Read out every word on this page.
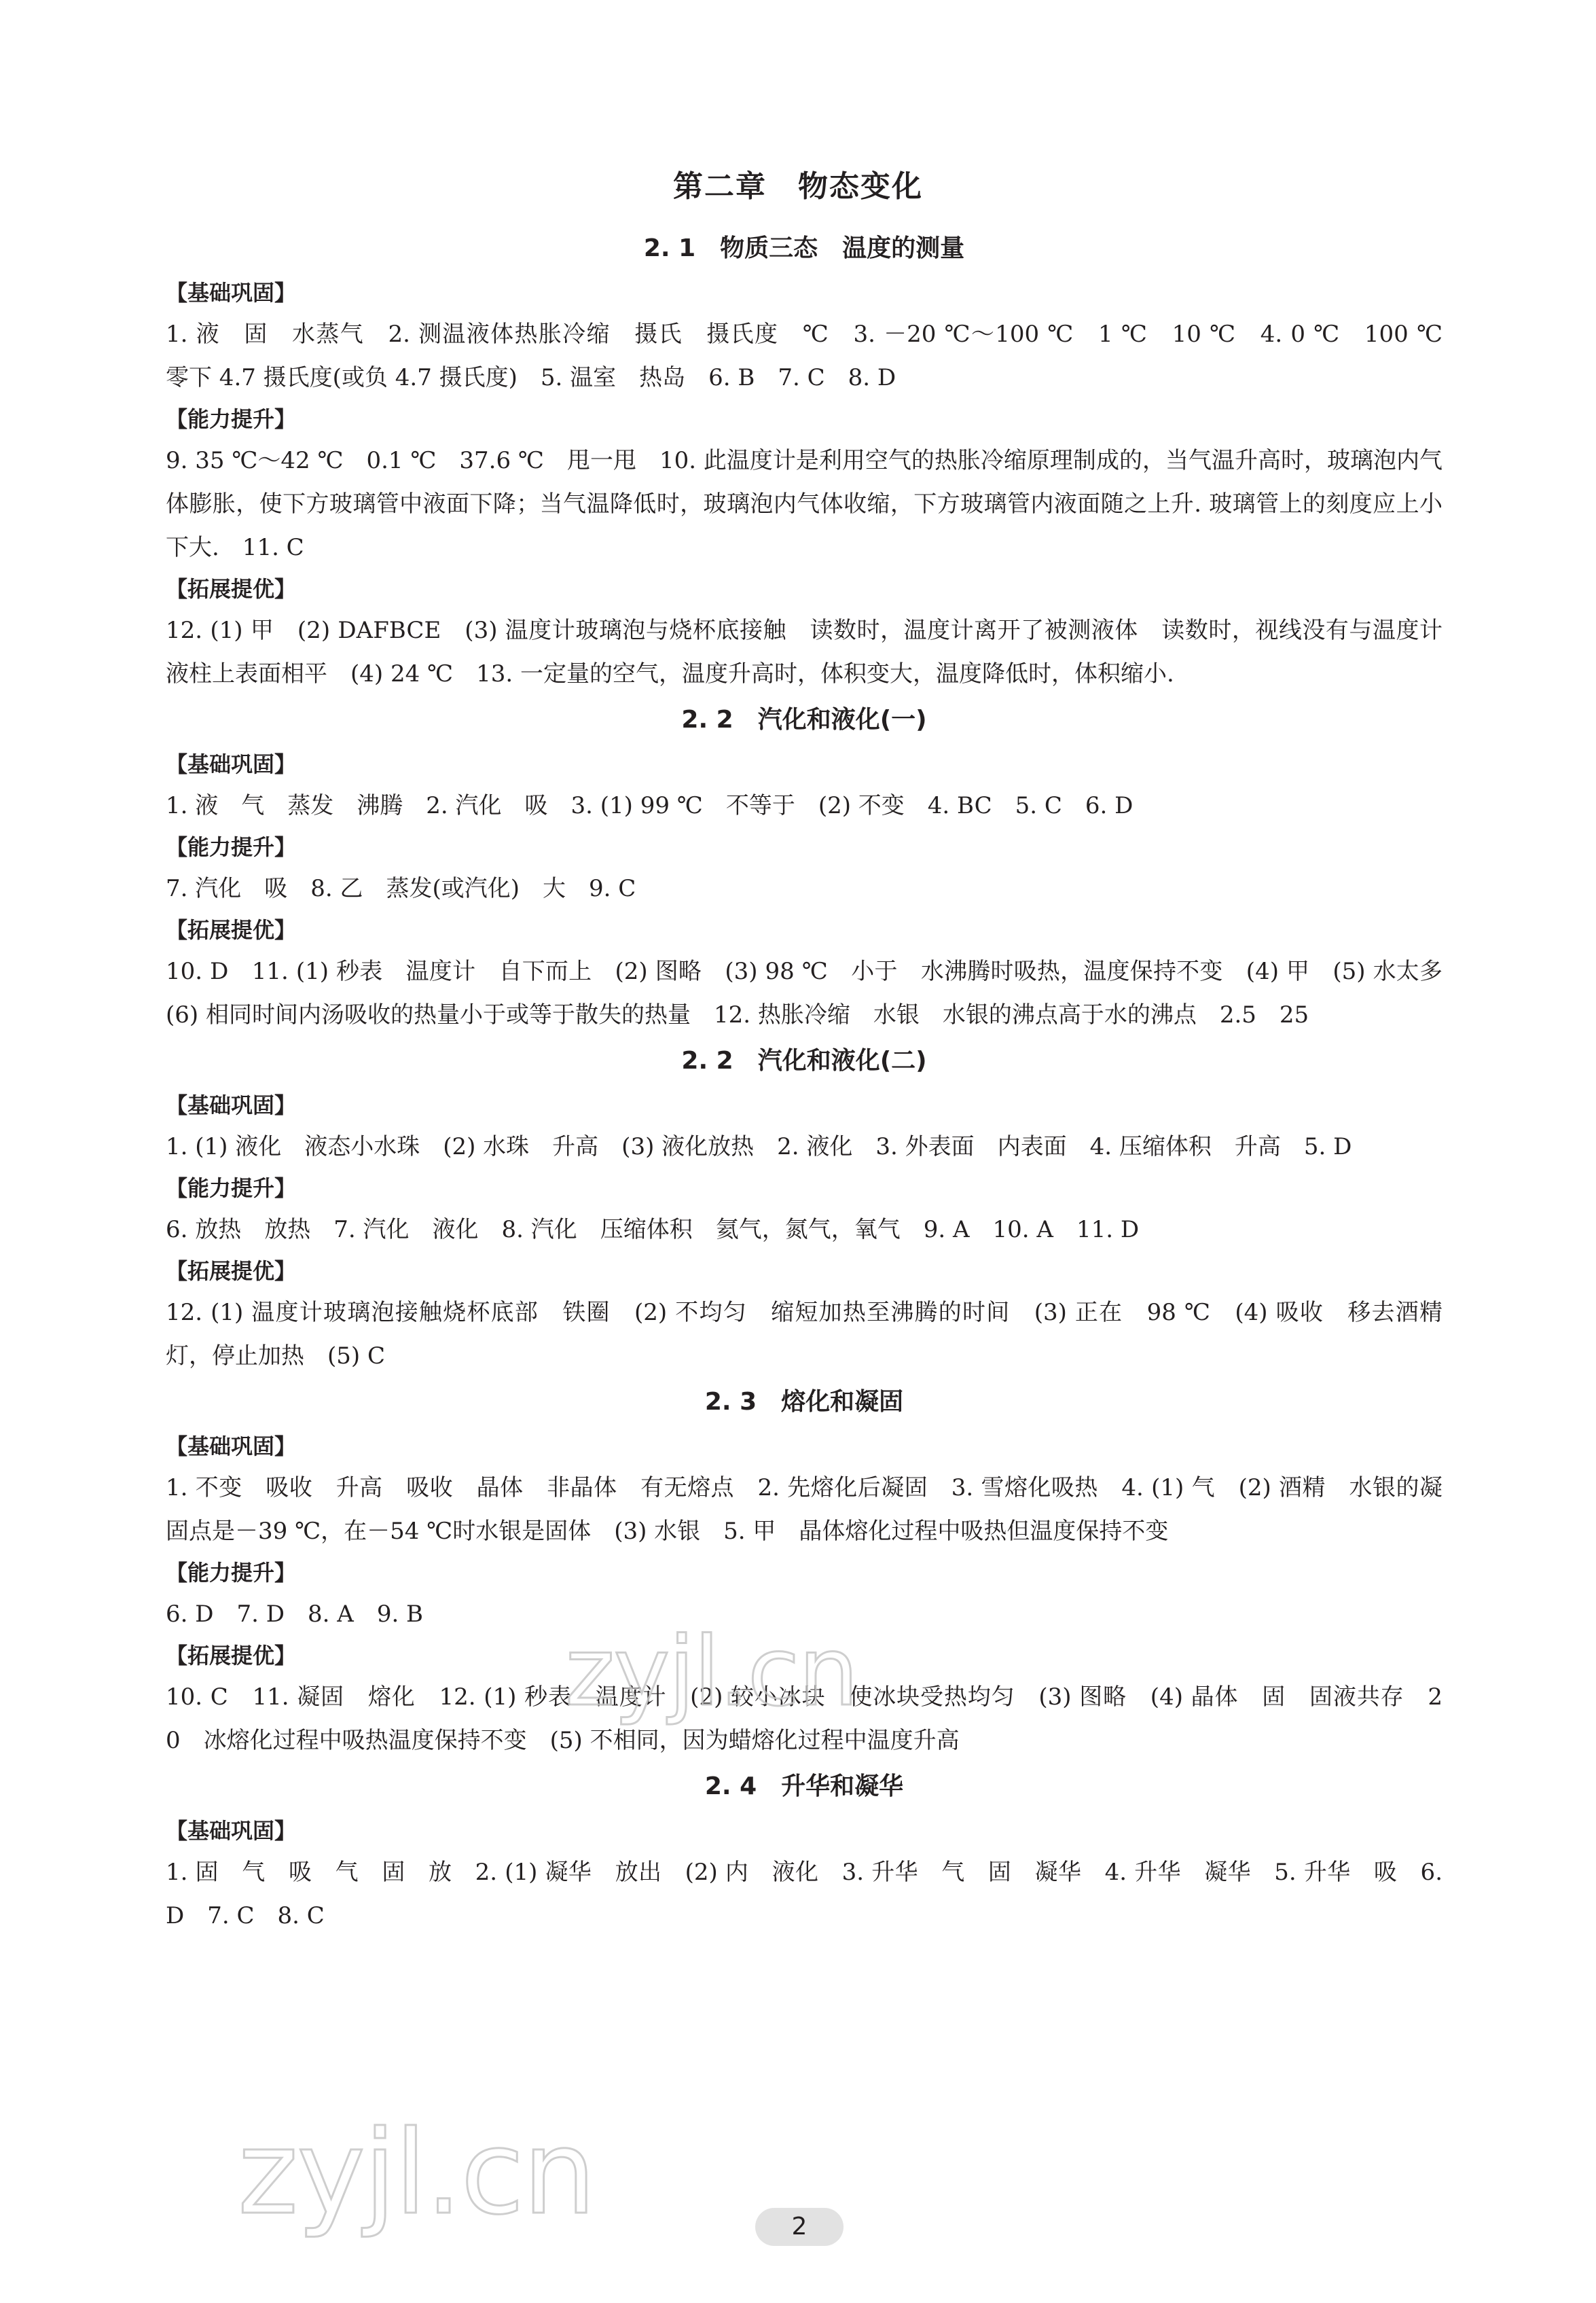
第二章　物态变化
2. 1　物质三态　温度的测量
【基础巩固】
1. 液　固　水蒸气　2. 测温液体热胀冷缩　摄氏　摄氏度　℃　3. －20 ℃～100 ℃　1 ℃　10 ℃　4. 0 ℃　100 ℃　零下 4.7 摄氏度(或负 4.7 摄氏度)　5. 温室　热岛　6. B　7. C　8. D
【能力提升】
9. 35 ℃～42 ℃　0.1 ℃　37.6 ℃　甩一甩　10. 此温度计是利用空气的热胀冷缩原理制成的，当气温升高时，玻璃泡内气体膨胀，使下方玻璃管中液面下降；当气温降低时，玻璃泡内气体收缩，下方玻璃管内液面随之上升. 玻璃管上的刻度应上小下大.　11. C
【拓展提优】
12. (1) 甲　(2) DAFBCE　(3) 温度计玻璃泡与烧杯底接触　读数时，温度计离开了被测液体　读数时，视线没有与温度计液柱上表面相平　(4) 24 ℃　13. 一定量的空气，温度升高时，体积变大，温度降低时，体积缩小.
2. 2　汽化和液化(一)
【基础巩固】
1. 液　气　蒸发　沸腾　2. 汽化　吸　3. (1) 99 ℃　不等于　(2) 不变　4. BC　5. C　6. D
【能力提升】
7. 汽化　吸　8. 乙　蒸发(或汽化)　大　9. C
【拓展提优】
10. D　11. (1) 秒表　温度计　自下而上　(2) 图略　(3) 98 ℃　小于　水沸腾时吸热，温度保持不变　(4) 甲　(5) 水太多　(6) 相同时间内汤吸收的热量小于或等于散失的热量　12. 热胀冷缩　水银　水银的沸点高于水的沸点　2.5　25
2. 2　汽化和液化(二)
【基础巩固】
1. (1) 液化　液态小水珠　(2) 水珠　升高　(3) 液化放热　2. 液化　3. 外表面　内表面　4. 压缩体积　升高　5. D
【能力提升】
6. 放热　放热　7. 汽化　液化　8. 汽化　压缩体积　氦气，氮气，氧气　9. A　10. A　11. D
【拓展提优】
12. (1) 温度计玻璃泡接触烧杯底部　铁圈　(2) 不均匀　缩短加热至沸腾的时间　(3) 正在　98 ℃　(4) 吸收　移去酒精灯，停止加热　(5) C
2. 3　熔化和凝固
【基础巩固】
1. 不变　吸收　升高　吸收　晶体　非晶体　有无熔点　2. 先熔化后凝固　3. 雪熔化吸热　4. (1) 气　(2) 酒精　水银的凝固点是－39 ℃，在－54 ℃时水银是固体　(3) 水银　5. 甲　晶体熔化过程中吸热但温度保持不变
【能力提升】
6. D　7. D　8. A　9. B
【拓展提优】
10. C　11. 凝固　熔化　12. (1) 秒表　温度计　(2) 较小冰块　使冰块受热均匀　(3) 图略　(4) 晶体　固　固液共存　2　0　冰熔化过程中吸热温度保持不变　(5) 不相同，因为蜡熔化过程中温度升高
2. 4　升华和凝华
【基础巩固】
1. 固　气　吸　气　固　放　2. (1) 凝华　放出　(2) 内　液化　3. 升华　气　固　凝华　4. 升华　凝华　5. 升华　吸　6. D　7. C　8. C
zyjl.cn
zyjl.cn	2
